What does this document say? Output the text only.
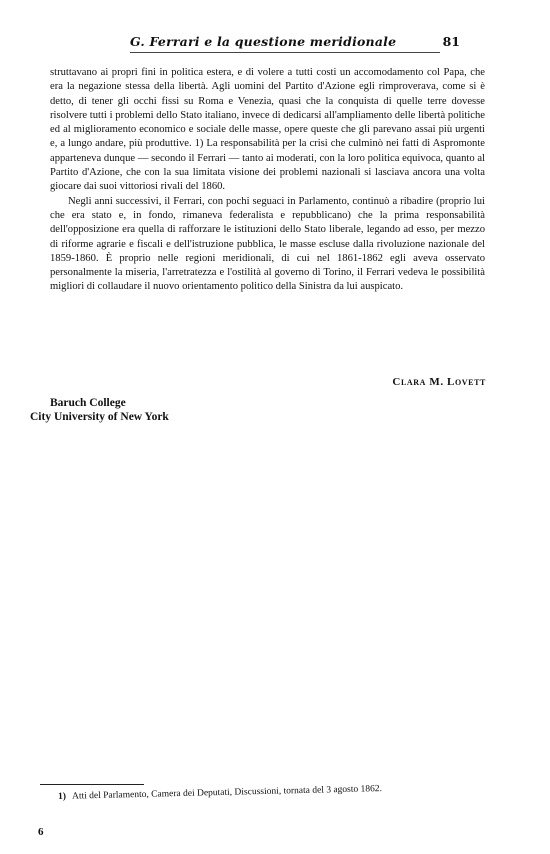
G. Ferrari e la questione meridionale	81

struttavano ai propri fini in politica estera, e di volere a tutti costi un accomodamento col Papa, che era la negazione stessa della libertà. Agli uomini del Partito d'Azione egli rimproverava, come si è detto, di tener gli occhi fissi su Roma e Venezia, quasi che la conquista di quelle terre dovesse risolvere tutti i problemi dello Stato italiano, invece di dedicarsi all'ampliamento delle libertà politiche ed al miglioramento economico e sociale delle masse, opere queste che gli parevano assai più urgenti e, a lungo andare, più produttive. 1) La responsabilità per la crisi che culminò nei fatti di Aspromonte apparteneva dunque — secondo il Ferrari — tanto ai moderati, con la loro politica equivoca, quanto al Partito d'Azione, che con la sua limitata visione dei problemi nazionali si lasciava ancora una volta giocare dai suoi vittoriosi rivali del 1860.

Negli anni successivi, il Ferrari, con pochi seguaci in Parlamento, continuò a ribadire (proprio lui che era stato e, in fondo, rimaneva federalista e repubblicano) che la prima responsabilità dell'opposizione era quella di rafforzare le istituzioni dello Stato liberale, legando ad esso, per mezzo di riforme agrarie e fiscali e dell'istruzione pubblica, le masse escluse dalla rivoluzione nazionale del 1859-1860. È proprio nelle regioni meridionali, di cui nel 1861-1862 egli aveva osservato personalmente la miseria, l'arretratezza e l'ostilità al governo di Torino, il Ferrari vedeva le possibilità migliori di collaudare il nuovo orientamento politico della Sinistra da lui auspicato.

Clara M. Lovett
Baruch College
City University of New York
1) Atti del Parlamento, Camera dei Deputati, Discussioni, tornata del 3 agosto 1862.
6
